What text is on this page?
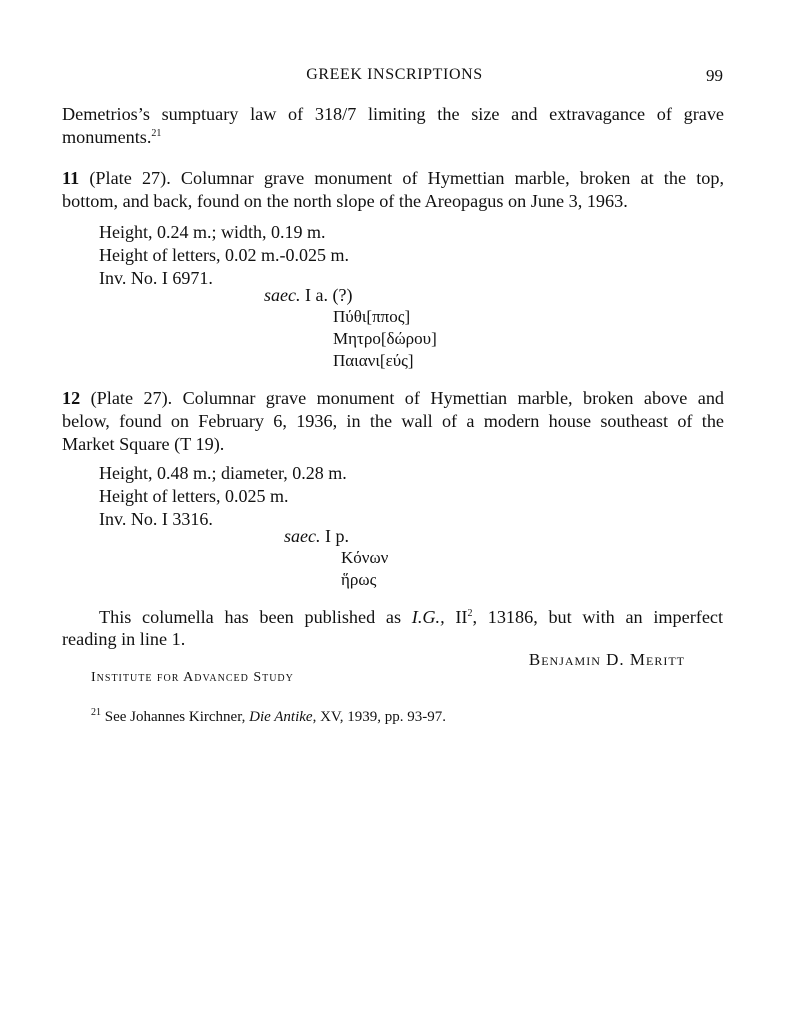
GREEK INSCRIPTIONS	99
Demetrios’s sumptuary law of 318/7 limiting the size and extravagance of grave
monuments.$^{21}$
11 (Plate 27). Columnar grave monument of Hymettian marble, broken at the top,
bottom, and back, found on the north slope of the Areopagus on June 3, 1963.
Height, 0.24 m.; width, 0.19 m.
Height of letters, 0.02 m.-0.025 m.
Inv. No. I 6971.
saec. I a. (?)
Πύθι[ππος]
Μητρο[δώρου]
Παιανι[εύς]
12 (Plate 27). Columnar grave monument of Hymettian marble, broken above and
below, found on February 6, 1936, in the wall of a modern house southeast of the
Market Square (T 19).
Height, 0.48 m.; diameter, 0.28 m.
Height of letters, 0.025 m.
Inv. No. I 3316.
saec. I p.
Κόνων
ἥρως
This columella has been published as I.G., $II^2$, 13186, but with an imperfect
reading in line 1.
Benjamin D. Meritt
Institute for Advanced Study
$^{21}$ See Johannes Kirchner, Die Antike, XV, 1939, pp. 93-97.
